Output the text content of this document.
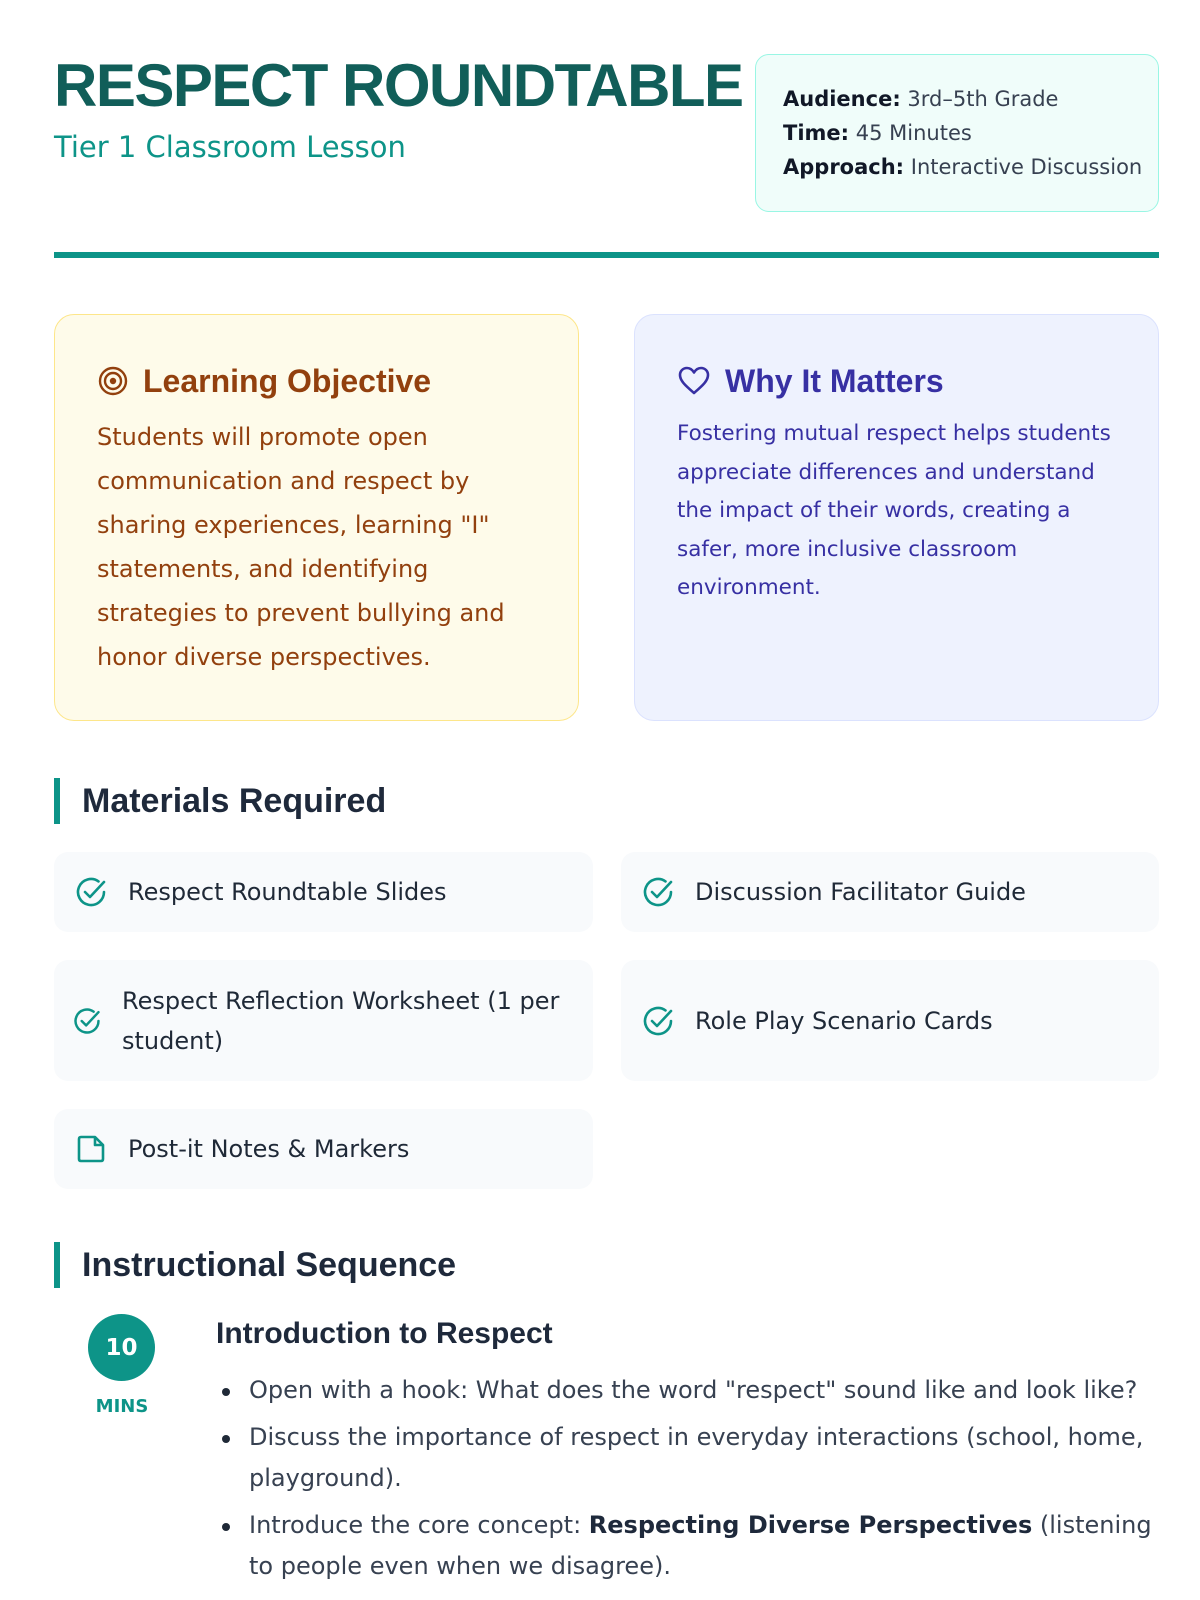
RESPECT ROUNDTABLE
Tier 1 Classroom Lesson
Audience: 3rd–5th Grade
Time: 45 Minutes
Approach: Interactive Discussion
Learning Objective
Students will promote open communication and respect by sharing experiences, learning "I" statements, and identifying strategies to prevent bullying and honor diverse perspectives.
Why It Matters
Fostering mutual respect helps students appreciate differences and understand the impact of their words, creating a safer, more inclusive classroom environment.
Materials Required
Respect Roundtable Slides	Discussion Facilitator Guide
Respect Reflection Worksheet (1 per student)
Role Play Scenario Cards
Post-it Notes & Markers
Instructional Sequence
10
MINS
Introduction to Respect
Open with a hook: What does the word "respect" sound like and look like?
Discuss the importance of respect in everyday interactions (school, home, playground).
Introduce the core concept: Respecting Diverse Perspectives (listening to people even when we disagree).
